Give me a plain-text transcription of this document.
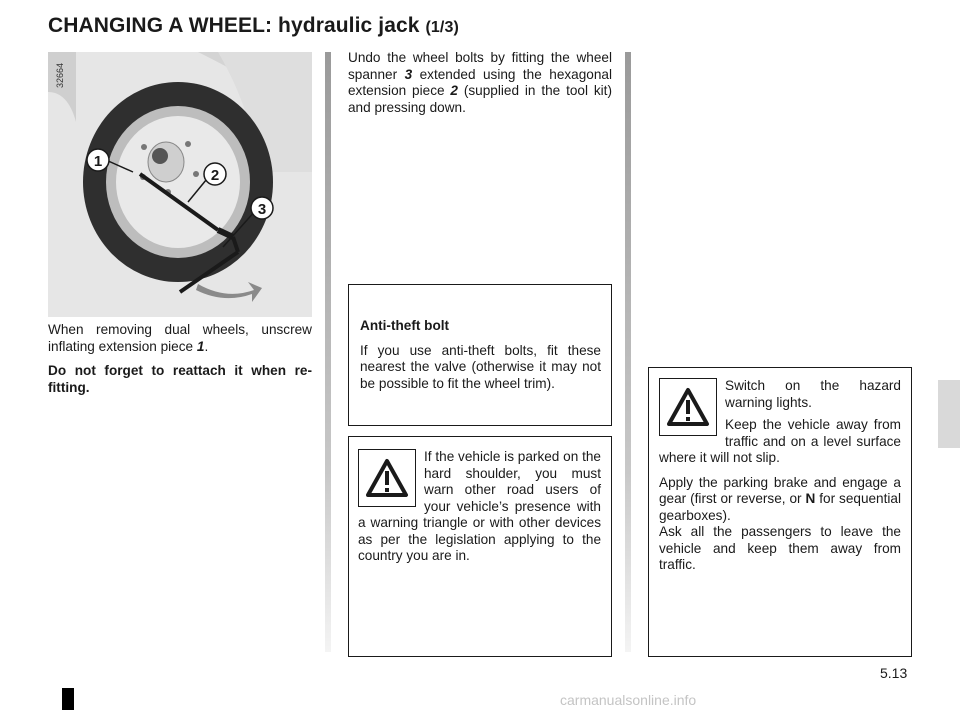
CHANGING A WHEEL: hydraulic jack (1/3)
1
2
3
32664

When removing dual wheels, unscrew inflating extension piece 1.

Do not forget to reattach it when re-fitting.

Undo the wheel bolts by fitting the wheel spanner 3 extended using the hexagonal extension piece 2 (supplied in the tool kit) and pressing down.

Anti-theft bolt

If you use anti-theft bolts, fit these nearest the valve (otherwise it may not be possible to fit the wheel trim).

If the vehicle is parked on the hard shoulder, you must warn other road users of your vehicle’s presence with a warning triangle or with other devices as per the legislation applying to the country you are in.

Switch on the hazard warning lights.

Keep the vehicle away from traffic and on a level surface where it will not slip.

Apply the parking brake and engage a gear (first or reverse, or N for sequential gearboxes).

Ask all the passengers to leave the vehicle and keep them away from traffic.

5.13
carmanualsonline.info
